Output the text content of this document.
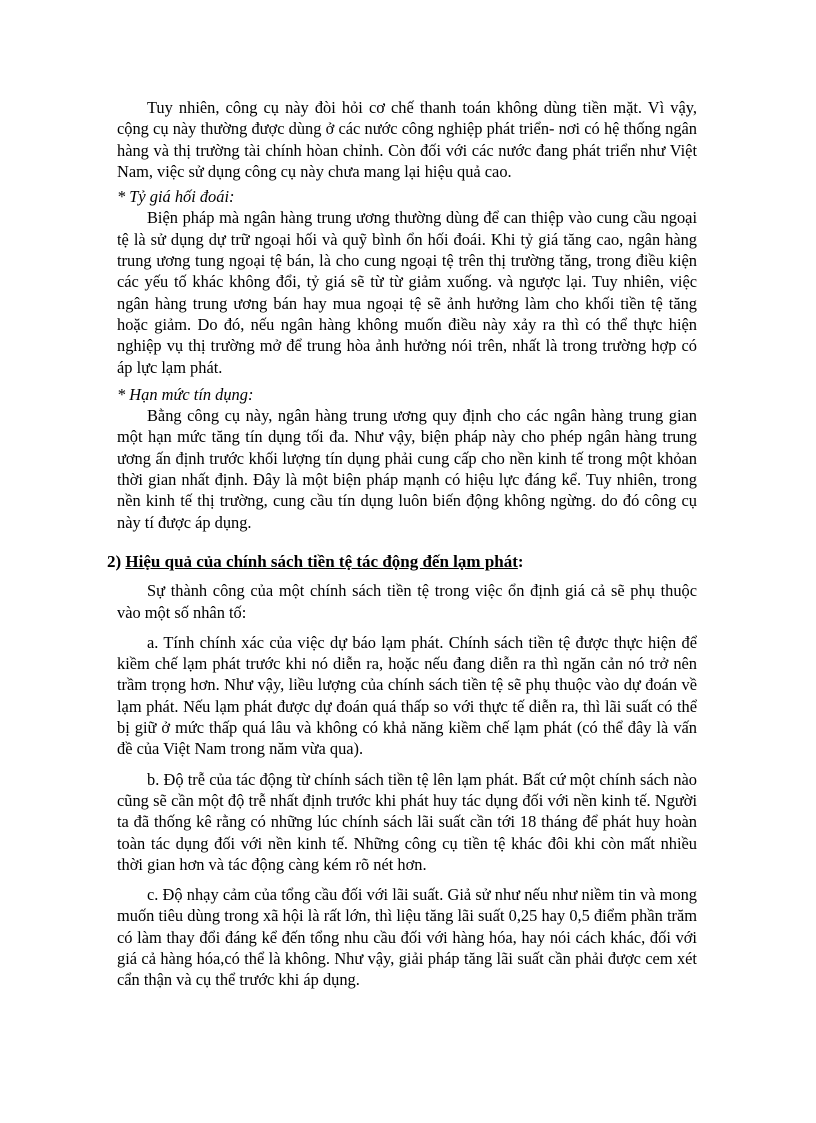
Tuy nhiên, công cụ này đòi hỏi cơ chế thanh toán không dùng tiền mặt. Vì vậy, cộng cụ này thường được dùng ở các nước công nghiệp phát triển- nơi có hệ thống ngân hàng và thị trường tài chính hòan chỉnh. Còn đối với các nước đang phát triển như Việt Nam, việc sử dụng công cụ này chưa mang lại hiệu quả cao.

* Tỷ giá hối đoái:

Biện pháp mà ngân hàng trung ương thường dùng để can thiệp vào cung cầu ngoại tệ là sử dụng dự trữ ngoại hối và quỹ bình ổn hối đoái. Khi tỷ giá tăng cao, ngân hàng trung ương tung ngoại tệ bán, là cho cung ngoại tệ trên thị trường tăng, trong điều kiện các yếu tố khác không đổi, tỷ giá sẽ từ từ giảm xuống. và ngược lại. Tuy nhiên, việc ngân hàng trung ương bán hay mua ngoại tệ sẽ ảnh hưởng làm cho khối tiền tệ tăng hoặc giảm. Do đó, nếu ngân hàng không muốn điều này xảy ra thì có thể thực hiện nghiệp vụ thị trường mở để trung hòa ảnh hưởng nói trên, nhất là trong trường hợp có áp lực lạm phát.

* Hạn mức tín dụng:

Bằng công cụ này, ngân hàng trung ương quy định cho các ngân hàng trung gian một hạn mức tăng tín dụng tối đa. Như vậy, biện pháp này cho phép ngân hàng trung ương ấn định trước khối lượng tín dụng phải cung cấp cho nền kinh tế trong một khỏan thời gian nhất định. Đây là một biện pháp mạnh có hiệu lực đáng kể. Tuy nhiên, trong nền kinh tế thị trường, cung cầu tín dụng luôn biến động không ngừng. do đó công cụ này tí được áp dụng.

2) Hiệu quả của chính sách tiền tệ tác động đến lạm phát:

Sự thành công của một chính sách tiền tệ trong việc ổn định giá cả sẽ phụ thuộc vào một số nhân tố:

a. Tính chính xác của việc dự báo lạm phát. Chính sách tiền tệ được thực hiện để kiềm chế lạm phát trước khi nó diễn ra, hoặc nếu đang diễn ra thì ngăn cản nó trở nên trầm trọng hơn. Như vậy, liều lượng của chính sách tiền tệ sẽ phụ thuộc vào dự đoán về lạm phát. Nếu lạm phát được dự đoán quá thấp so với thực tế diễn ra, thì lãi suất có thể bị giữ ở mức thấp quá lâu và không có khả năng kiềm chế lạm phát (có thể đây là vấn đề của Việt Nam trong năm vừa qua).

b. Độ trễ của tác động từ chính sách tiền tệ lên lạm phát. Bất cứ một chính sách nào cũng sẽ cần một độ trễ nhất định trước khi phát huy tác dụng đối với nền kinh tế. Người ta đã thống kê rằng có những lúc chính sách lãi suất cần tới 18 tháng để phát huy hoàn toàn tác dụng đối với nền kinh tế. Những công cụ tiền tệ khác đôi khi còn mất nhiều thời gian hơn và tác động càng kém rõ nét hơn.

c. Độ nhạy cảm của tổng cầu đối với lãi suất. Giả sử như nếu như niềm tin và mong muốn tiêu dùng trong xã hội là rất lớn, thì liệu tăng lãi suất 0,25 hay 0,5 điểm phần trăm có làm thay đổi đáng kể đến tổng nhu cầu đối với hàng hóa, hay nói cách khác, đối với giá cả hàng hóa,có thể là không. Như vậy, giải pháp tăng lãi suất cần phải được cem xét cẩn thận và cụ thể trước khi áp dụng.
